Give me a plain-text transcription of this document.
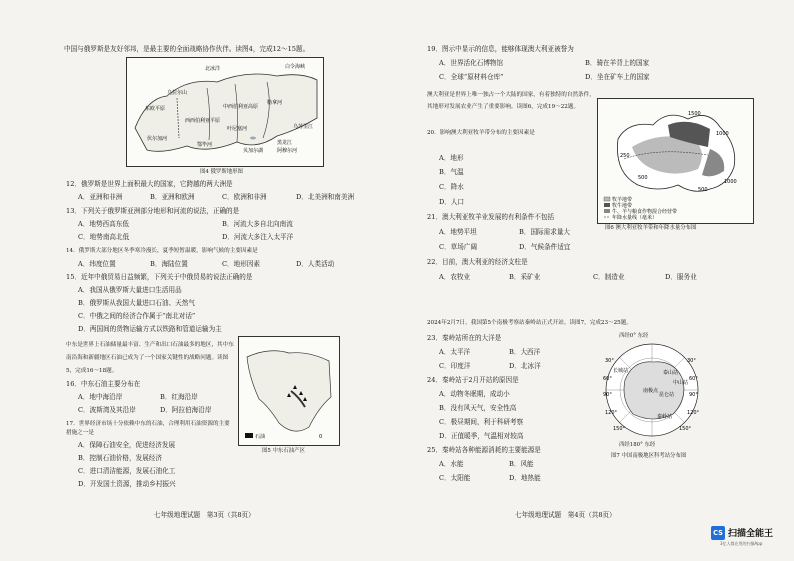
中国与俄罗斯是友好邻邦，是最主要的全面战略协作伙伴。读图4，完成12～15题。
北冰洋	白令海峡
东欧平原
伏尔加河
乌拉尔山
西西伯利亚平原
中西伯利亚高原
叶尼塞河
勒拿河
鄂毕河
贝加尔湖
黑龙江
阿穆尔河
乌苏里江
图4 俄罗斯地形图
12．俄罗斯是世界上面积最大的国家，它跨越的两大洲是
A．亚洲和非洲	B．亚洲和欧洲	C．欧洲和非洲	D．北美洲和南美洲
13．下列关于俄罗斯亚洲部分地形和河流的说法，正确的是
A．地势西高东低	B．河流大多自北向南流
C．地势南高北低	D．河流大多注入太平洋
14．俄罗斯大部分地区冬季寒冷漫长，夏季短暂温暖，影响气候的主要因素是
A．纬度位置	B．海陆位置	C．地形因素	D．人类活动
15．近年中俄贸易日益频繁，下列关于中俄贸易的说法正确的是
A．我国从俄罗斯大量进口生活用品
B．俄罗斯从我国大量进口石油、天然气
C．中俄之间的经济合作属于“南北对话”
D．两国间的货物运输方式以铁路和管道运输为主
中东是世界上石油储量最丰富、生产和出口石油最多的地区，其中东南沿海和新疆地区石油已成为了一个国家关键性的战略问题。读图5，完成16～18题。
石油	0
图5 中东石油产区
16．中东石油主要分布在
A．地中海沿岸	B．红海沿岸
C．波斯湾及其沿岸	D．阿拉伯海沿岸
17．世界经济市场十分依赖中东的石油，合理利用石油资源的主要措施之一是
A．保障石油安全，促进经济发展
B．控制石油价格，发展经济
C．进口清洁能源，发展石油化工
D．开发国土资源，推动乡村振兴
七年级地理试题　第3页（共8页）
19．图示中显示的信息，能够体现澳大利亚被誉为
A．世界活化石博物馆	B．骑在羊背上的国家
C．全球“原材料仓库”	D．坐在矿车上的国家
澳大利亚是世界上唯一独占一个大陆的国家，有着独特的自然条件，其地形对发展农业产生了重要影响。读图6，完成19～22题。
250
500
1000
1500
1000
500
牧羊地带
牧牛地带
牛、羊与粮食作物混合经营带
年降水量线（毫米）
图6 澳大利亚牧羊带和年降水量分布图
20．影响澳大利亚牧羊带分布的主要因素是
A．地形
B．气温
C．降水
D．人口
21．澳大利亚牧羊业发展的有利条件不包括
A．地势平坦	B．国际需求量大
C．草场广阔	D．气候条件适宜
22．目前，澳大利亚的经济支柱是
A．农牧业	B．采矿业	C．制造业	D．服务业
2024年2月7日，我国第5个南极考察站秦岭站正式开站。读图7，完成23～25题。
西经0° 东经
长城站
中山站
昆仑站
泰山站
秦岭站
南极点
30°
60°
90°
120°
150°
30°
60°
90°
120°
150°
西经180° 东经
图7 中国南极地区科考站分布图
23．秦岭站所在的大洋是
A．太平洋	B．大西洋
C．印度洋	D．北冰洋
24．秦岭站于2月开站的原因是
A．动物冬眠期，成动小
B．没有风天气，安全性高
C．极昼期间，利于科研考察
D．正值暖季，气温相对较高
25．秦岭站各种能源消耗的主要能源是
A．水能	B．风能
C．太阳能	D．地热能
七年级地理试题　第4页（共8页）
CS 扫描全能王
3亿人都在用的扫描App
